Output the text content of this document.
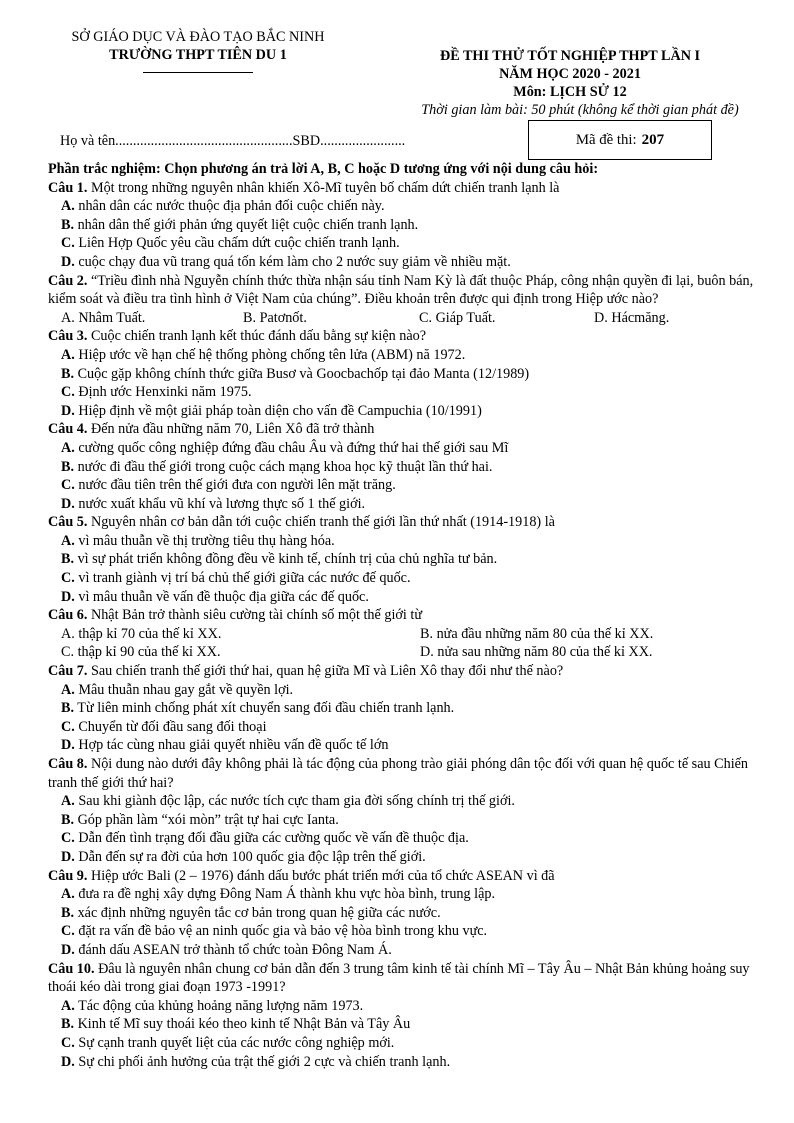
SỞ GIÁO DỤC VÀ ĐÀO TẠO BẮC NINH
TRƯỜNG THPT TIÊN DU 1	ĐỀ THI THỬ TỐT NGHIỆP THPT LẦN I
NĂM HỌC 2020 - 2021
Môn: LỊCH SỬ 12
Thời gian làm bài: 50 phút (không kể thời gian phát đề)
Họ và tên..................................................SBD........................	Mã đề thi: 207
Phần trắc nghiệm: Chọn phương án trả lời A, B, C hoặc D tương ứng với nội dung câu hỏi:
Câu 1. Một trong những nguyên nhân khiến Xô-Mĩ tuyên bố chấm dứt chiến tranh lạnh là
A. nhân dân các nước thuộc địa phản đối cuộc chiến này.
B. nhân dân thế giới phản ứng quyết liệt cuộc chiến tranh lạnh.
C. Liên Hợp Quốc yêu cầu chấm dứt cuộc chiến tranh lạnh.
D. cuộc chạy đua vũ trang quá tốn kém làm cho 2 nước suy giảm về nhiều mặt.
Câu 2. “Triều đình nhà Nguyễn chính thức thừa nhận sáu tỉnh Nam Kỳ là đất thuộc Pháp, công nhận quyền đi lại, buôn bán, kiểm soát và điều tra tình hình ở Việt Nam của chúng”. Điều khoản trên được qui định trong Hiệp ước nào?
A. Nhâm Tuất.	B. Patơnốt.	C. Giáp Tuất.	D. Hácmăng.
Câu 3. Cuộc chiến tranh lạnh kết thúc đánh dấu bằng sự kiện nào?
A. Hiệp ước về hạn chế hệ thống phòng chống tên lửa (ABM) nă 1972.
B. Cuộc gặp không chính thức giữa Busơ và Goocbachốp tại đảo Manta (12/1989)
C. Định ước Henxinki năm 1975.
D. Hiệp định về một giải pháp toàn diện cho vấn đề Campuchia (10/1991)
Câu 4. Đến nửa đầu những năm 70, Liên Xô đã trở thành
A. cường quốc công nghiệp đứng đầu châu Âu và đứng thứ hai thế giới sau Mĩ
B. nước đi đầu thế giới trong cuộc cách mạng khoa học kỹ thuật lần thứ hai.
C. nước đầu tiên trên thế giới đưa con người lên mặt trăng.
D. nước xuất khẩu vũ khí và lương thực số 1 thế giới.
Câu 5. Nguyên nhân cơ bản dẫn tới cuộc chiến tranh thế giới lần thứ nhất (1914-1918) là
A. vì mâu thuẫn về thị trường tiêu thụ hàng hóa.
B. vì sự phát triển không đồng đều về kinh tế, chính trị của chủ nghĩa tư bản.
C. vì tranh giành vị trí bá chủ thế giới giữa các nước đế quốc.
D. vì mâu thuẫn về vấn đề thuộc địa giữa các đế quốc.
Câu 6. Nhật Bản trở thành siêu cường tài chính số một thế giới từ
A. thập kỉ 70 của thế kỉ XX.	B. nửa đầu những năm 80 của thế kỉ XX.
C. thập kỉ 90 của thế kỉ XX.	D. nửa sau những năm 80 của thế kỉ XX.
Câu 7. Sau chiến tranh thế giới thứ hai, quan hệ giữa Mĩ và Liên Xô thay đổi như thế nào?
A. Mâu thuẫn nhau gay gắt về quyền lợi.
B. Từ liên minh chống phát xít chuyển sang đối đầu chiến tranh lạnh.
C. Chuyển từ đối đầu sang đối thoại
D. Hợp tác cùng nhau giải quyết nhiều vấn đề quốc tế lớn
Câu 8. Nội dung nào dưới đây không phải là tác động của phong trào giải phóng dân tộc đối với quan hệ quốc tế sau Chiến tranh thế giới thứ hai?
A. Sau khi giành độc lập, các nước tích cực tham gia đời sống chính trị thế giới.
B. Góp phần làm “xói mòn” trật tự hai cực Ianta.
C. Dẫn đến tình trạng đối đầu giữa các cường quốc về vấn đề thuộc địa.
D. Dẫn đến sự ra đời của hơn 100 quốc gia độc lập trên thế giới.
Câu 9. Hiệp ước Bali (2 – 1976) đánh dấu bước phát triển mới của tổ chức ASEAN vì đã
A. đưa ra đề nghị xây dựng Đông Nam Á thành khu vực hòa bình, trung lập.
B. xác định những nguyên tắc cơ bản trong quan hệ giữa các nước.
C. đặt ra vấn đề bảo vệ an ninh quốc gia và bảo vệ hòa bình trong khu vực.
D. đánh dấu ASEAN trở thành tổ chức toàn Đông Nam Á.
Câu 10. Đâu là nguyên nhân chung cơ bản dẫn đến 3 trung tâm kinh tế tài chính Mĩ – Tây Âu – Nhật Bản khủng hoảng suy thoái kéo dài trong giai đoạn 1973 -1991?
A. Tác động của khủng hoảng năng lượng năm 1973.
B. Kinh tế Mĩ suy thoái kéo theo kinh tế Nhật Bản và Tây Âu
C. Sự cạnh tranh quyết liệt của các nước công nghiệp mới.
D. Sự chi phối ảnh hưởng của trật thế giới 2 cực và chiến tranh lạnh.
